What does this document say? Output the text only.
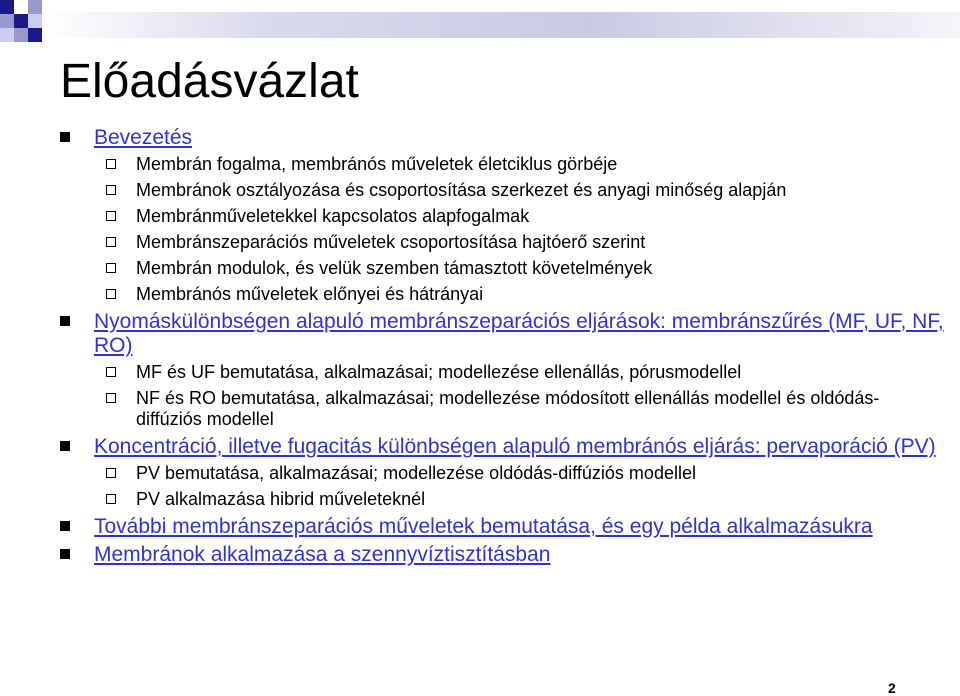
Előadásvázlat
Bevezetés
Membrán fogalma, membránós műveletek életciklus görbéje
Membránok osztályozása és csoportosítása szerkezet és anyagi minőség alapján
Membránműveletekkel kapcsolatos alapfogalmak
Membránszeparációs műveletek csoportosítása hajtóerő szerint
Membrán modulok, és velük szemben támasztott követelmények
Membránós műveletek előnyei és hátrányai
Nyomáskülönbségen alapuló membránszeparációs eljárások: membránszűrés (MF, UF, NF, RO)
MF és UF bemutatása, alkalmazásai; modellezése ellenállás, pórusmodellel
NF és RO bemutatása, alkalmazásai; modellezése módosított ellenállás modellel és oldódás-diffúziós modellel
Koncentráció, illetve fugacitás különbségen alapuló membránós eljárás: pervaporáció (PV)
PV bemutatása, alkalmazásai; modellezése oldódás-diffúziós modellel
PV alkalmazása hibrid műveleteknél
További membránszeparációs műveletek bemutatása, és egy példa alkalmazásukra
Membránok alkalmazása a szennyvíztisztításban
2
